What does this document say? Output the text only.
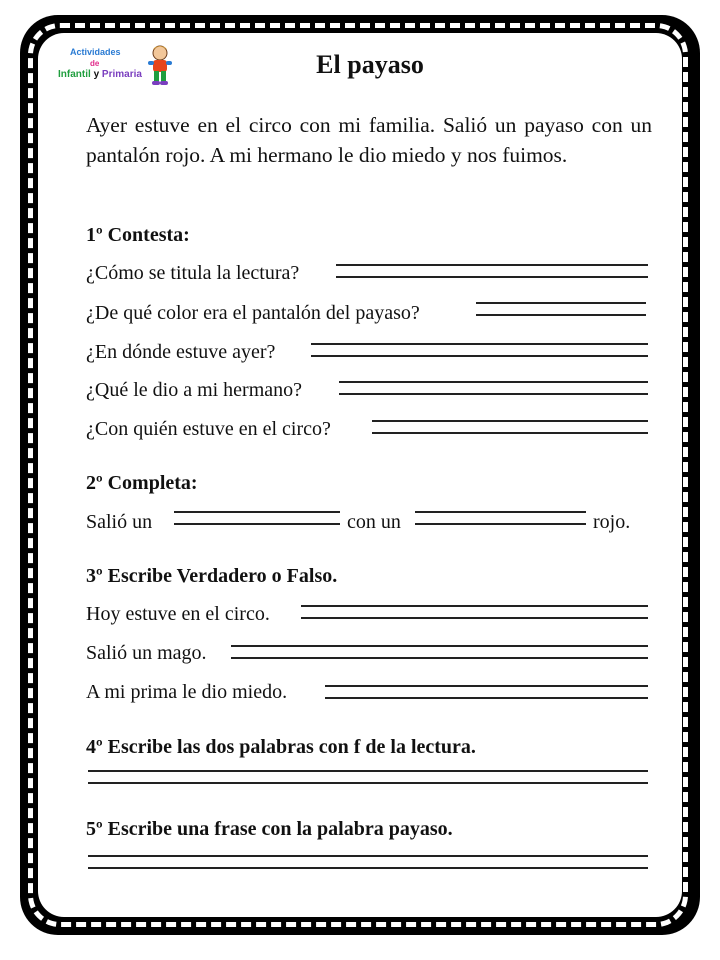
Actividades
de
Infantil y Primaria	El payaso
Ayer estuve en el circo con mi familia. Salió un payaso con un pantalón rojo. A mi hermano le dio miedo y nos fuimos.
1º Contesta:
¿Cómo se titula la lectura?
¿De qué color era el pantalón del payaso?
¿En dónde estuve ayer?
¿Qué le dio a mi hermano?
¿Con quién estuve en el circo?
2º Completa:
Salió un	con un	rojo.
3º Escribe Verdadero o Falso.
Hoy estuve en el circo.
Salió un mago.
A mi prima le dio miedo.
4º Escribe las dos palabras con f de la lectura.
5º Escribe una frase con la palabra payaso.
